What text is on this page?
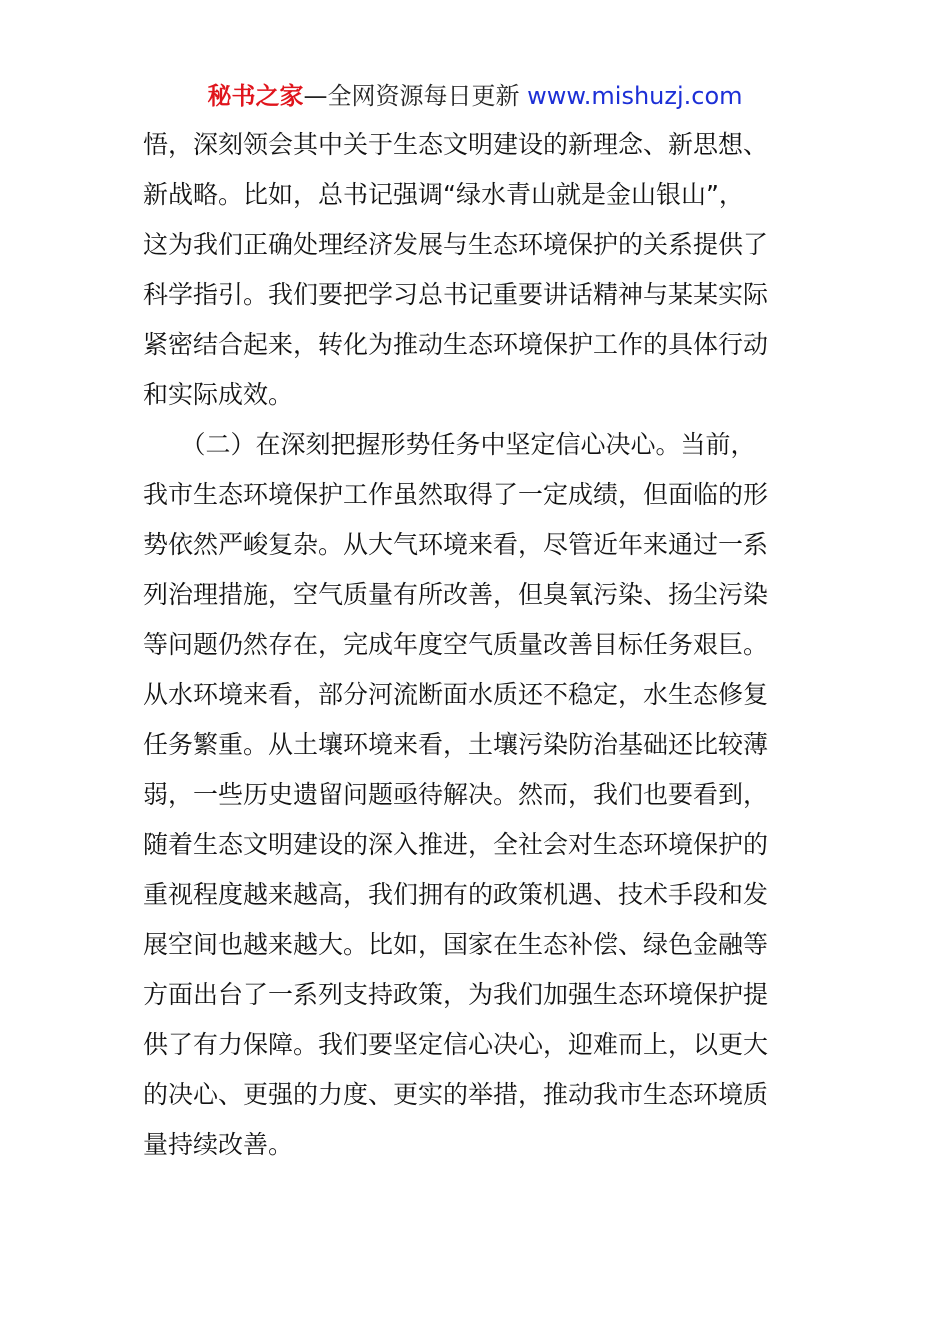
秘书之家—全网资源每日更新 www.mishuzj.com
悟，深刻领会其中关于生态文明建设的新理念、新思想、
新战略。比如，总书记强调“绿水青山就是金山银山”，
这为我们正确处理经济发展与生态环境保护的关系提供了
科学指引。我们要把学习总书记重要讲话精神与某某实际
紧密结合起来，转化为推动生态环境保护工作的具体行动
和实际成效。
　　（二）在深刻把握形势任务中坚定信心决心。当前，
我市生态环境保护工作虽然取得了一定成绩，但面临的形
势依然严峻复杂。从大气环境来看，尽管近年来通过一系
列治理措施，空气质量有所改善，但臭氧污染、扬尘污染
等问题仍然存在，完成年度空气质量改善目标任务艰巨。
从水环境来看，部分河流断面水质还不稳定，水生态修复
任务繁重。从土壤环境来看，土壤污染防治基础还比较薄
弱，一些历史遗留问题亟待解决。然而，我们也要看到，
随着生态文明建设的深入推进，全社会对生态环境保护的
重视程度越来越高，我们拥有的政策机遇、技术手段和发
展空间也越来越大。比如，国家在生态补偿、绿色金融等
方面出台了一系列支持政策，为我们加强生态环境保护提
供了有力保障。我们要坚定信心决心，迎难而上，以更大
的决心、更强的力度、更实的举措，推动我市生态环境质
量持续改善。
